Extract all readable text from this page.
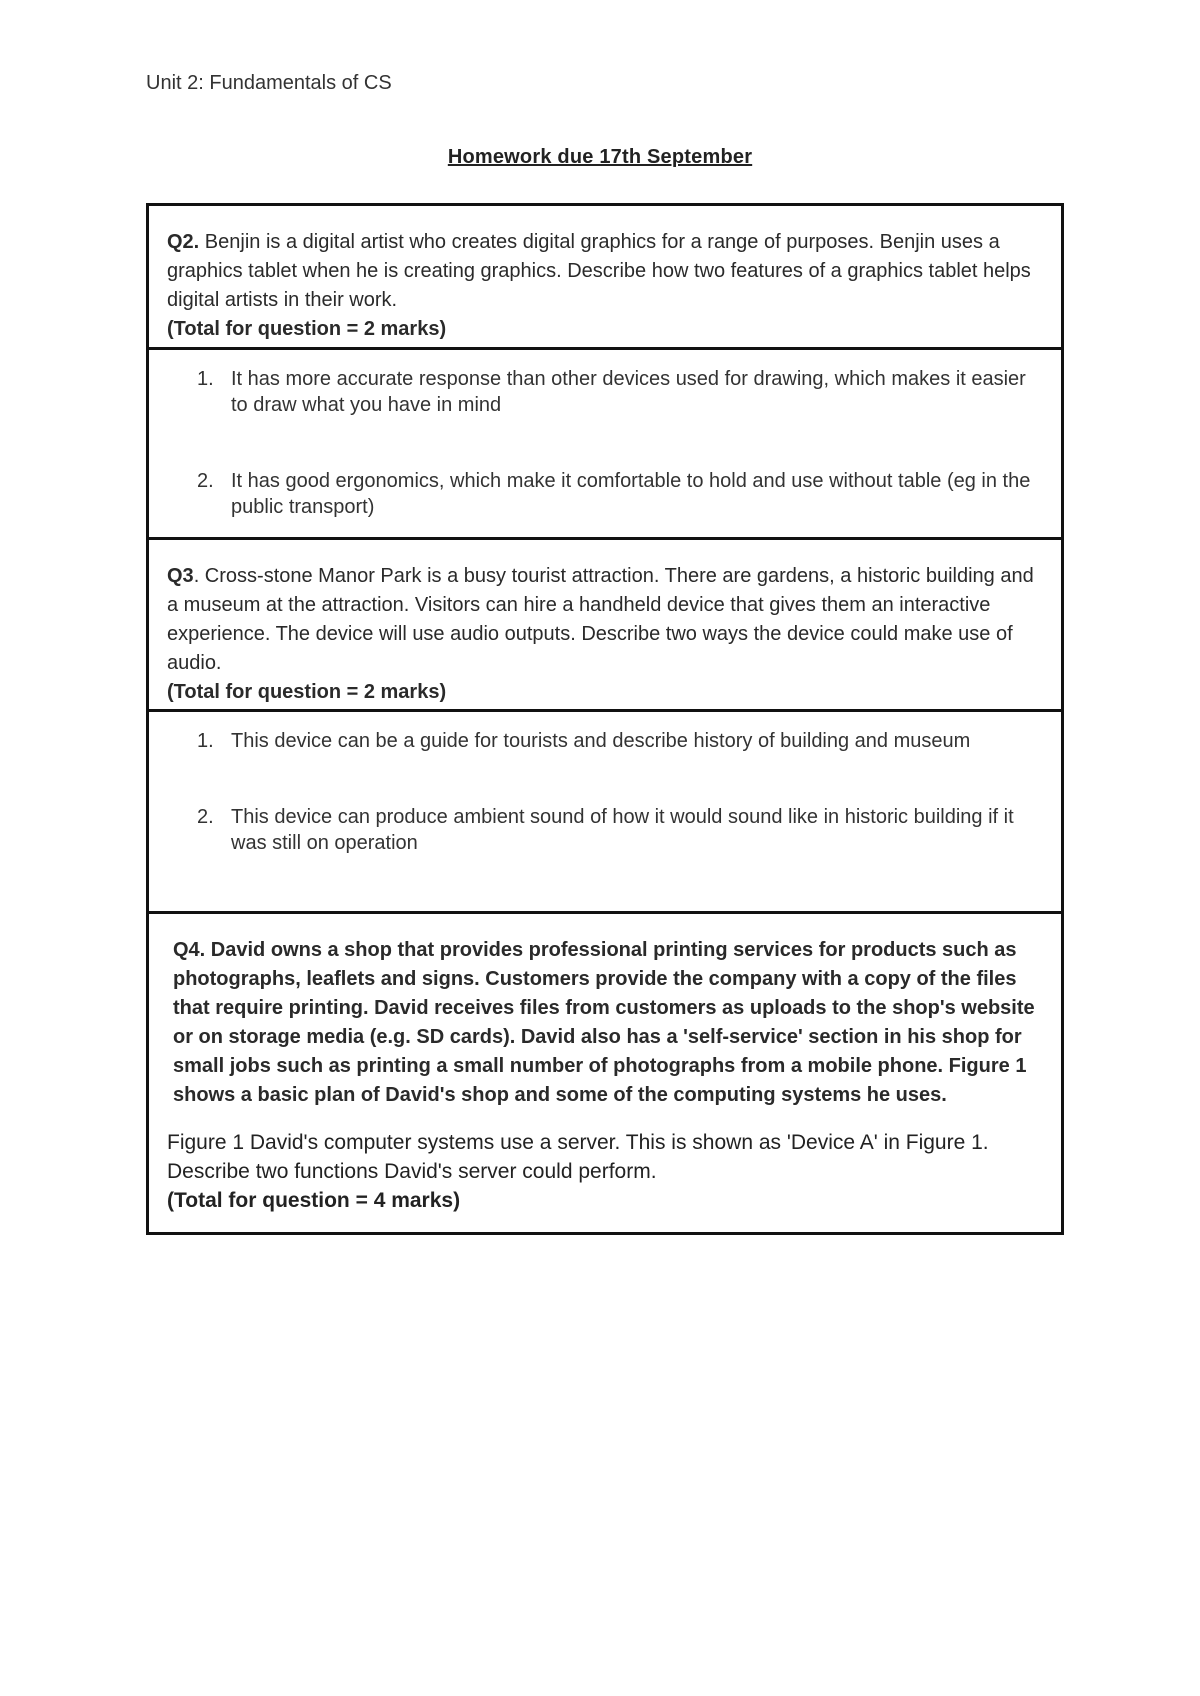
Unit 2: Fundamentals of CS
Homework due 17th September
Q2. Benjin is a digital artist who creates digital graphics for a range of purposes. Benjin uses a graphics tablet when he is creating graphics. Describe how two features of a graphics tablet helps digital artists in their work.
(Total for question = 2 marks)
1. It has more accurate response than other devices used for drawing, which makes it easier to draw what you have in mind
2. It has good ergonomics, which make it comfortable to hold and use without table (eg in the public transport)
Q3. Cross-stone Manor Park is a busy tourist attraction. There are gardens, a historic building and a museum at the attraction. Visitors can hire a handheld device that gives them an interactive experience. The device will use audio outputs. Describe two ways the device could make use of audio.
(Total for question = 2 marks)
1. This device can be a guide for tourists and describe history of building and museum
2. This device can produce ambient sound of how it would sound like in historic building if it was still on operation
Q4. David owns a shop that provides professional printing services for products such as photographs, leaflets and signs. Customers provide the company with a copy of the files that require printing. David receives files from customers as uploads to the shop's website or on storage media (e.g. SD cards). David also has a 'self-service' section in his shop for small jobs such as printing a small number of photographs from a mobile phone. Figure 1 shows a basic plan of David's shop and some of the computing systems he uses.
Figure 1 David's computer systems use a server. This is shown as 'Device A' in Figure 1. Describe two functions David's server could perform.
(Total for question = 4 marks)
